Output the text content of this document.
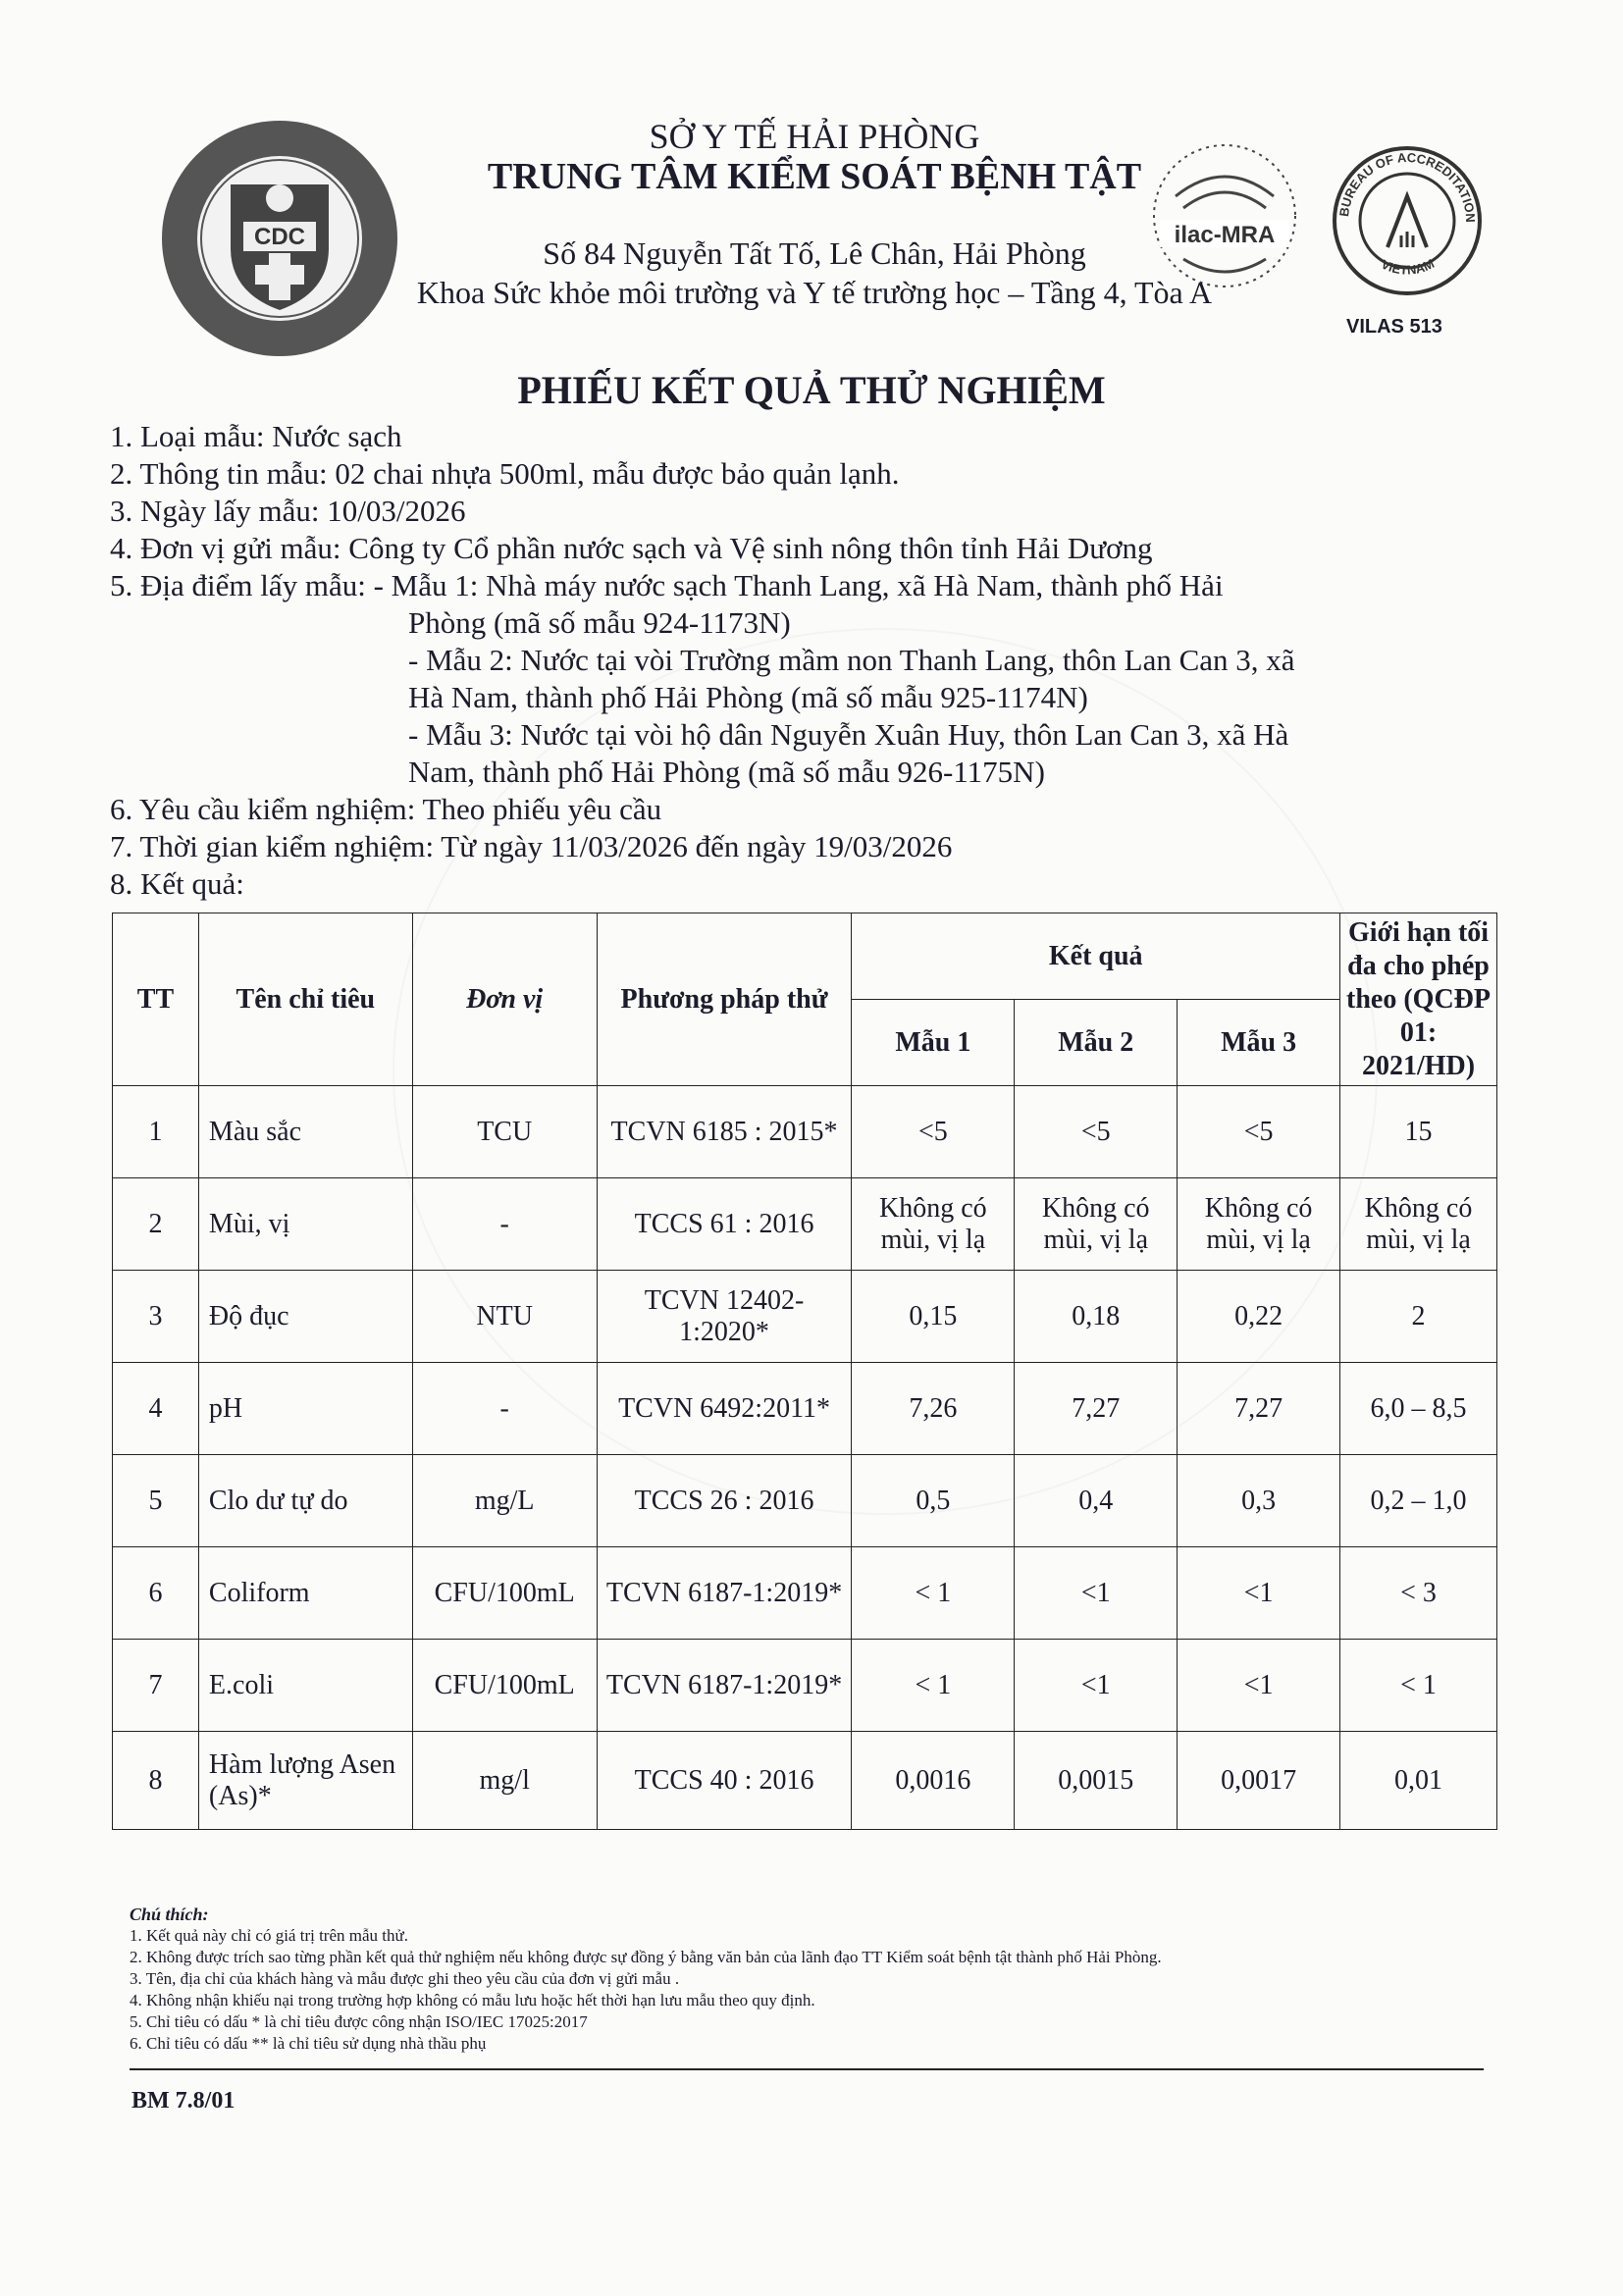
CDC	ilac-MRA
BUREAU OF ACCREDITATION
VIETNAM
SỞ Y TẾ HẢI PHÒNG
TRUNG TÂM KIỂM SOÁT BỆNH TẬT
Số 84 Nguyễn Tất Tố, Lê Chân, Hải Phòng
Khoa Sức khỏe môi trường và Y tế trường học – Tầng 4, Tòa A
VILAS 513
PHIẾU KẾT QUẢ THỬ NGHIỆM
1. Loại mẫu: Nước sạch
2. Thông tin mẫu: 02 chai nhựa 500ml, mẫu được bảo quản lạnh.
3. Ngày lấy mẫu: 10/03/2026
4. Đơn vị gửi mẫu: Công ty Cổ phần nước sạch và Vệ sinh nông thôn tỉnh Hải Dương
5. Địa điểm lấy mẫu: - Mẫu 1: Nhà máy nước sạch Thanh Lang, xã Hà Nam, thành phố Hải
Phòng (mã số mẫu 924-1173N)
- Mẫu 2: Nước tại vòi Trường mầm non Thanh Lang, thôn Lan Can 3, xã
Hà Nam, thành phố Hải Phòng (mã số mẫu 925-1174N)
- Mẫu 3: Nước tại vòi hộ dân Nguyễn Xuân Huy, thôn Lan Can 3, xã Hà
Nam, thành phố Hải Phòng (mã số mẫu 926-1175N)
6. Yêu cầu kiểm nghiệm: Theo phiếu yêu cầu
7. Thời gian kiểm nghiệm: Từ ngày 11/03/2026 đến ngày 19/03/2026
8. Kết quả:
TT	Tên chỉ tiêu	Đơn vị	Phương pháp thử	Kết quả			Giới hạn tối đa cho phép theo (QCĐP 01: 2021/HD)
				Mẫu 1	Mẫu 2	Mẫu 3	
1	Màu sắc	TCU	TCVN 6185 : 2015*	<5	<5	<5	15
2	Mùi, vị	-	TCCS 61 : 2016	Không có mùi, vị lạ	Không có mùi, vị lạ	Không có mùi, vị lạ	Không có mùi, vị lạ
3	Độ đục	NTU	TCVN 12402-1:2020*	0,15	0,18	0,22	2
4	pH	-	TCVN 6492:2011*	7,26	7,27	7,27	6,0 – 8,5
5	Clo dư tự do	mg/L	TCCS 26 : 2016	0,5	0,4	0,3	0,2 – 1,0
6	Coliform	CFU/100mL	TCVN 6187-1:2019*	< 1	<1	<1	< 3
7	E.coli	CFU/100mL	TCVN 6187-1:2019*	< 1	<1	<1	< 1
8	Hàm lượng Asen (As)*	mg/l	TCCS 40 : 2016	0,0016	0,0015	0,0017	0,01
Chú thích:
1. Kết quả này chỉ có giá trị trên mẫu thử.
2. Không được trích sao từng phần kết quả thử nghiệm nếu không được sự đồng ý bằng văn bản của lãnh đạo TT Kiểm soát bệnh tật thành phố Hải Phòng.
3. Tên, địa chỉ của khách hàng và mẫu được ghi theo yêu cầu của đơn vị gửi mẫu .
4. Không nhận khiếu nại trong trường hợp không có mẫu lưu hoặc hết thời hạn lưu mẫu theo quy định.
5. Chỉ tiêu có dấu * là chỉ tiêu được công nhận ISO/IEC 17025:2017
6. Chỉ tiêu có dấu ** là chỉ tiêu sử dụng nhà thầu phụ
BM 7.8/01
